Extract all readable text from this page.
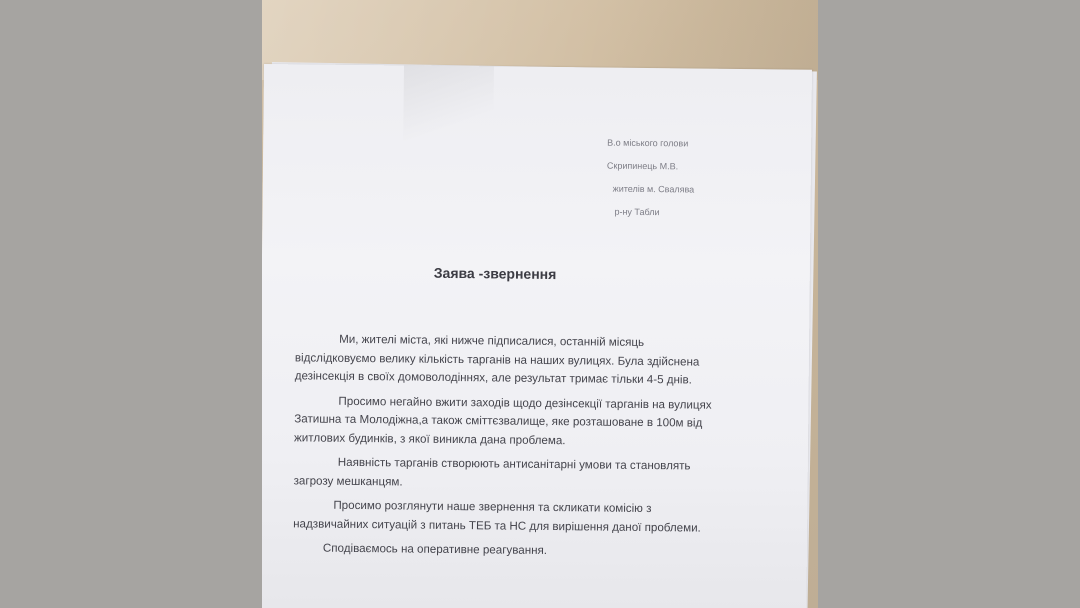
В.о міського голови
Скрипинець М.В.
жителів м. Свалява
р-ну Табли
Заява -звернення

Ми, жителі міста, які нижче підписалися, останній місяць
відслідковуємо велику кількість тарганів на наших вулицях. Була здійснена
дезінсекція в своїх домоволодіннях, але результат тримає тільки 4-5 днів.

Просимо негайно вжити заходів щодо дезінсекції тарганів на вулицях
Затишна та Молодіжна,а також сміттєзвалище, яке розташоване в 100м від
житлових будинків, з якої виникла дана проблема.

Наявність тарганів створюють антисанітарні умови та становлять
загрозу мешканцям.

Просимо розглянути наше звернення та скликати комісію з
надзвичайних ситуацій з питань ТЕБ та НС для вирішення даної проблеми.

Сподіваємось на оперативне реагування.
